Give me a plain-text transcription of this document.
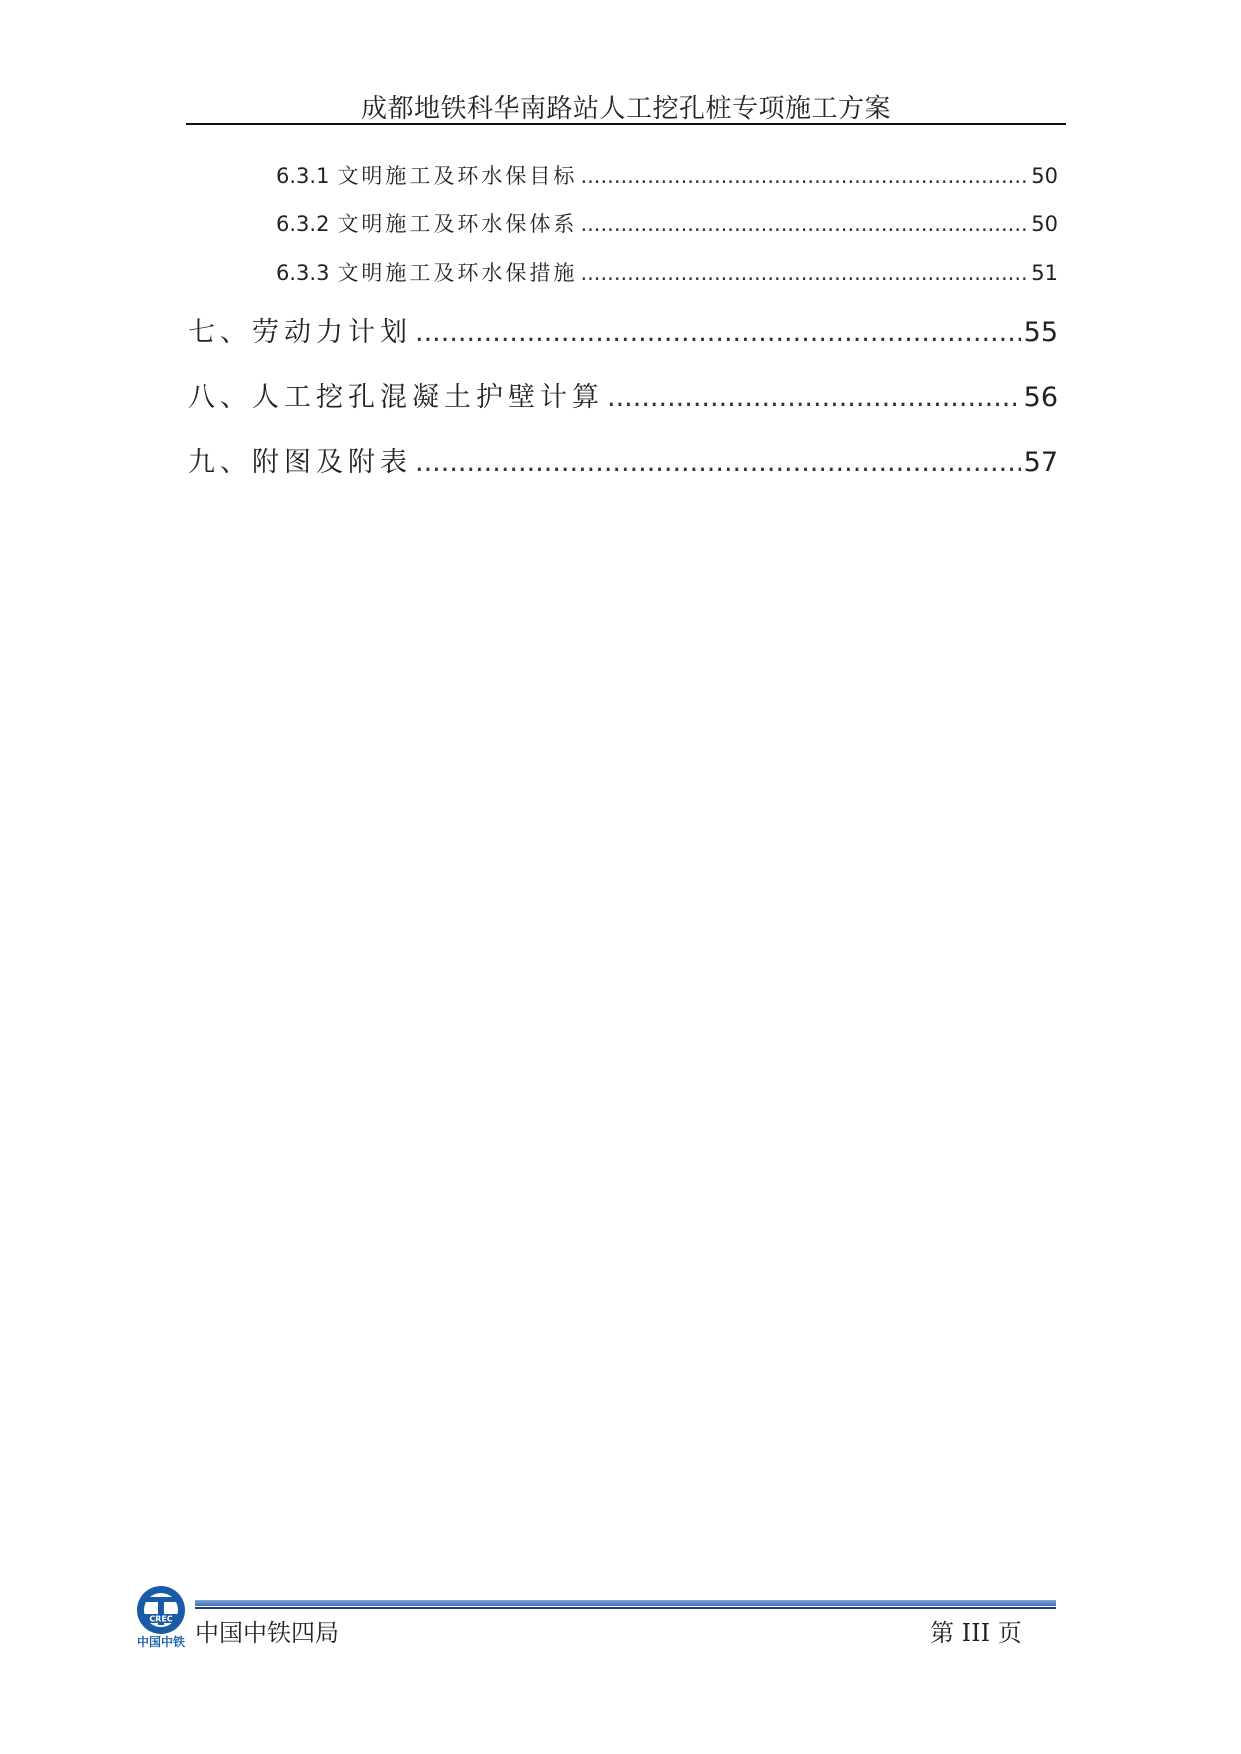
成都地铁科华南路站人工挖孔桩专项施工方案
6.3.1 文明施工及环水保目标 .....	50
6.3.2 文明施工及环水保体系 .....	50
6.3.3 文明施工及环水保措施 .....	51
七、劳动力计划 .....	55
八、人工挖孔混凝土护壁计算 .....	56
九、附图及附表 .....	57
CREC
中国中铁 中国中铁四局	第 III 页
